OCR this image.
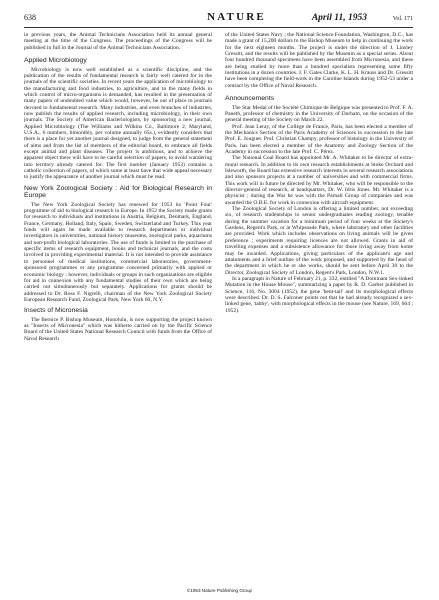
638	NATURE	April 11, 1953	Vol. 171

in previous years, the Animal Technicians Association held its annual general meeting at the time of the Congress. The proceedings of the Congress will be published in full in the Journal of the Animal Technicians Association.

Applied Microbiology

Microbiology is now well established as a scientific discipline, and the publication of the results of fundamental research is fairly well catered for in the journals of the scientific societies. In recent years the application of microbiology to the manufacturing and food industries, to agriculture, and to the many fields in which control of micro-organisms is demanded, has resulted in the presentation of many papers of undoubted value which would, however, be out of place in journals devoted to fundamental research. Many industries, and even branches of industries, now publish the results of applied research, including microbiology, in their own journals. The Society of American Bacteriologists, by sponsoring a new journal, Applied Microbiology (The Williams and Wilkins Co., Baltimore 2, Maryland, U.S.A., 6 numbers, bimonthly, per volume annually 65s.), evidently considers that there is a place for yet another journal designed, to judge from the general statement of aims and from the list of members of the editorial board, to embrace all fields except animal and plant diseases. The project is ambitious, and to achieve the apparent object there will have to be careful selection of papers, to avoid wandering into territory already catered for. The first number (January 1953) contains a catholic collection of papers, of which some at least have that wide appeal necessary to justify the appearance of another journal which must be read.

New York Zoological Society : Aid for Biological Research in Europe

The New York Zoological Society has renewed for 1953 its 'Point Four' programme of aid to biological research in Europe. In 1952 the Society made grants for research to individuals and institutions in Austria, Belgium, Denmark, England, France, Germany, Holland, Italy, Spain, Sweden, Switzerland and Turkey. This year funds will again be made available to research departments or individual investigators in universities, national history museums, zoological parks, aquariums and non-profit biological laboratories. The use of funds is limited to the purchase of specific items of research equipment, books and technical journals, and the costs involved in providing experimental material. It is not intended to provide assistance to personnel of medical institutions, commercial laboratories, government-sponsored programmes or any programme concerned primarily with applied or economic biology ; however, individuals or groups in such organizations are eligible for aid in connexion with any fundamental studies of their own which are being carried out simultaneously but separately. Applications for grants should be addressed to Dr. Ross F. Nigrelli, chairman of the New York Zoological Society European Research Fund, Zoological Park, New York 60, N.Y.

Insects of Micronesia

The Bernice P. Bishop Museum, Honolulu, is now supporting the project known as "Insects of Micronesia" which was hitherto carried on by the Pacific Science Board of the United States National Research Council with funds from the Office of Naval Research

of the United States Navy ; the National Science Foundation, Washington, D.C., has made a grant of 15,200 dollars to the Bishop Museum to help in continuing the work for the next eighteen months. The project is under the direction of J. Linsley Gressitt, and the results will be published by the Museum as a special series. About four hundred thousand specimens have been assembled from Micronesia, and these are being studied by more than a hundred specialists representing some fifty institutions in a dozen countries. J. F. Gates Clarke, K. L. H. Krauss and Dr. Gressitt have been completing the field-work in the Caroline Islands during 1952-53 under a contract by the Office of Naval Research.

Announcements

The Star Medal of the Société Chimique de Belgique was presented to Prof. F. A. Paneth, professor of chemistry in the University of Durham, on the occasion of the general meeting of the Society on March 22.

Prof. Jean Leray, of the Collège de France, Paris, has been elected a member of the Mechanics Section of the Paris Academy of Sciences in succession to the late Prof. E. Jouguet. Prof. Christian Champy, professor of histology in the University of Paris, has been elected a member of the Anatomy and Zoology Section of the Academy in succession to the late Prof. C. Pérez.

The National Coal Board has appointed Mr. A. Whitaker to be director of extra-mural research. In addition to its own research establishments at Stoke Orchard and Isleworth, the Board has extensive research interests in several research associations and also sponsors projects at a number of universities and with commercial firms. This work will in future be directed by Mr. Whitaker, who will be responsible to the director-general of research, at headquarters, Dr. W. Idris Jones. Mr. Whitaker is a physicist ; during the War he was with the Parnall Group of companies and was awarded the O.B.E. for work in connexion with aircraft equipment.

The Zoological Society of London is offering a limited number, not exceeding six, of research studentships to senior undergraduates reading zoology, tenable during the summer vacation for a minimum period of four weeks at the Society's Gardens, Regent's Park, or at Whipsnade Park, where laboratory and other facilities are provided. Work which includes observations on living animals will be given preference ; experiments requiring licences are not allowed. Grants in aid of travelling expenses and a subsistence allowance for those living away from home may be awarded. Applications, giving particulars of the applicant's age and attainments and a brief outline of the work proposed, and supported by the head of the department in which he or she works, should be sent before April 30 to the Director, Zoological Society of London, Regent's Park, London, N.W.1.

In a paragraph in Nature of February 21, p. 332, entitled "A Dominant Sex-linked Mutation in the House Mouse", summarizing a paper by R. D. Garber published in Science, 116, No. 3004 (1952), the gene 'bent-tail' and its morphological effects were described. Dr. D. S. Falconer points out that he had already recognized a sex-linked gene, 'tabby', with morphological effects in the mouse (see Nature, 169, 664 ; 1952).

©1953 Nature Publishing Group
